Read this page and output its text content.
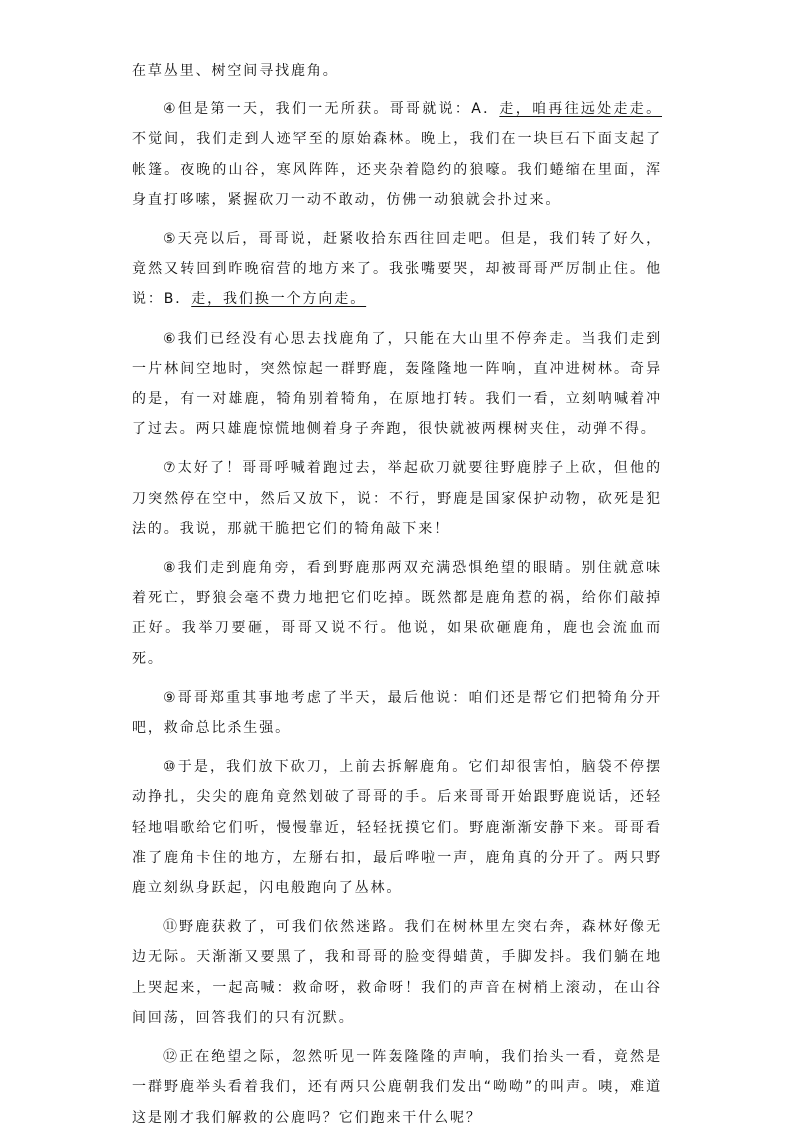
在草丛里、树空间寻找鹿角。

④但是第一天，我们一无所获。哥哥就说：A．走，咱再往远处走走。不觉间，我们走到人迹罕至的原始森林。晚上，我们在一块巨石下面支起了帐篷。夜晚的山谷，寒风阵阵，还夹杂着隐约的狼嚎。我们蜷缩在里面，浑身直打哆嗦，紧握砍刀一动不敢动，仿佛一动狼就会扑过来。

⑤天亮以后，哥哥说，赶紧收拾东西往回走吧。但是，我们转了好久，竟然又转回到昨晚宿营的地方来了。我张嘴要哭，却被哥哥严厉制止住。他说：B．走，我们换一个方向走。

⑥我们已经没有心思去找鹿角了，只能在大山里不停奔走。当我们走到一片林间空地时，突然惊起一群野鹿，轰隆隆地一阵响，直冲进树林。奇异的是，有一对雄鹿，犄角别着犄角，在原地打转。我们一看，立刻呐喊着冲了过去。两只雄鹿惊慌地侧着身子奔跑，很快就被两棵树夹住，动弹不得。

⑦太好了！哥哥呼喊着跑过去，举起砍刀就要往野鹿脖子上砍，但他的刀突然停在空中，然后又放下，说：不行，野鹿是国家保护动物，砍死是犯法的。我说，那就干脆把它们的犄角敲下来！

⑧我们走到鹿角旁，看到野鹿那两双充满恐惧绝望的眼睛。别住就意味着死亡，野狼会毫不费力地把它们吃掉。既然都是鹿角惹的祸，给你们敲掉正好。我举刀要砸，哥哥又说不行。他说，如果砍砸鹿角，鹿也会流血而死。

⑨哥哥郑重其事地考虑了半天，最后他说：咱们还是帮它们把犄角分开吧，救命总比杀生强。

⑩于是，我们放下砍刀，上前去拆解鹿角。它们却很害怕，脑袋不停摆动挣扎，尖尖的鹿角竟然划破了哥哥的手。后来哥哥开始跟野鹿说话，还轻轻地唱歌给它们听，慢慢靠近，轻轻抚摸它们。野鹿渐渐安静下来。哥哥看准了鹿角卡住的地方，左掰右扣，最后哗啦一声，鹿角真的分开了。两只野鹿立刻纵身跃起，闪电般跑向了丛林。

⑪野鹿获救了，可我们依然迷路。我们在树林里左突右奔，森林好像无边无际。天渐渐又要黑了，我和哥哥的脸变得蜡黄，手脚发抖。我们躺在地上哭起来，一起高喊：救命呀，救命呀！我们的声音在树梢上滚动，在山谷间回荡，回答我们的只有沉默。

⑫正在绝望之际，忽然听见一阵轰隆隆的声响，我们抬头一看，竟然是一群野鹿举头看着我们，还有两只公鹿朝我们发出“呦呦”的叫声。咦，难道这是刚才我们解救的公鹿吗？它们跑来干什么呢？
